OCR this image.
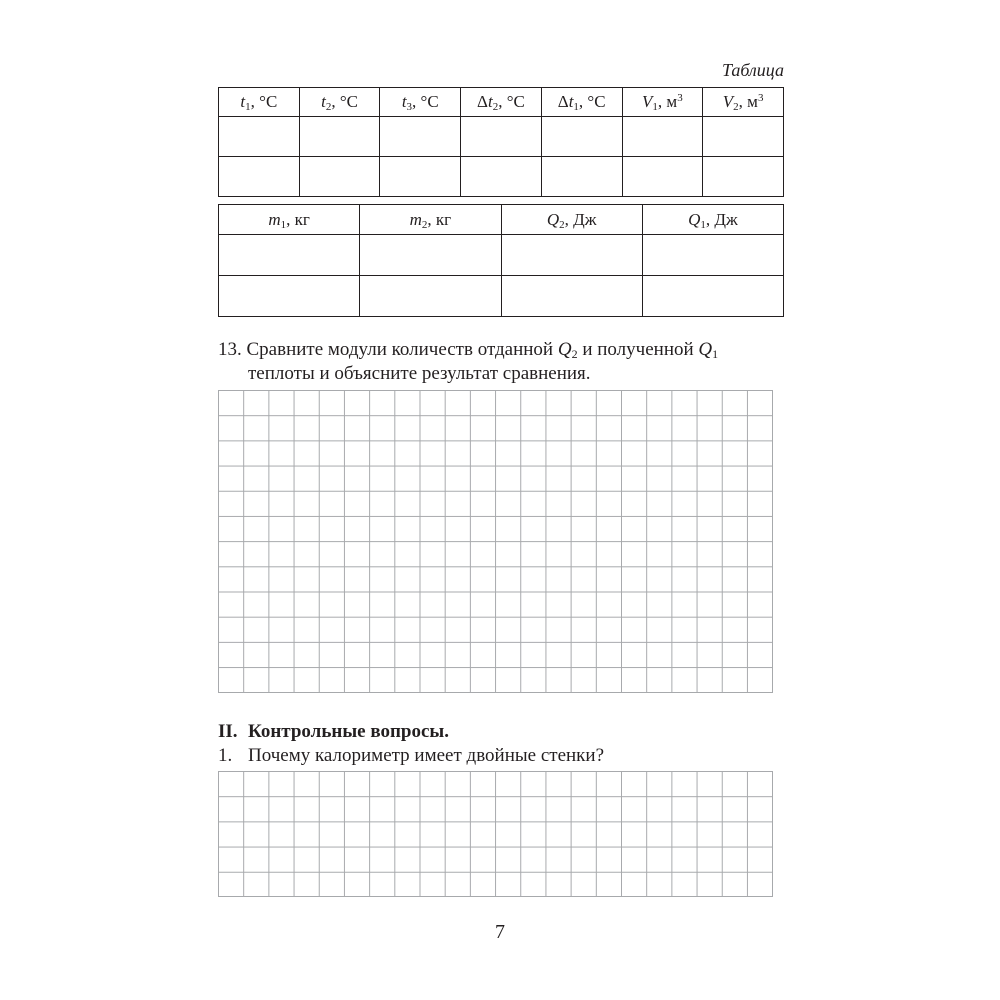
Таблица
$t_1$, °C	$t_2$, °C	$t_3$, °C	$\Delta t_2$, °C	$\Delta t_1$, °C	$V_1$, $м^3$	$V_2$, $м^3$

$m_1$, кг	$m_2$, кг	$Q_2$, Дж	$Q_1$, Дж

13. Сравните модули количеств отданной $Q_2$ и полученной $Q_1$
теплоты и объясните результат сравнения.
II. Контрольные вопросы.
1. Почему калориметр имеет двойные стенки?
7
